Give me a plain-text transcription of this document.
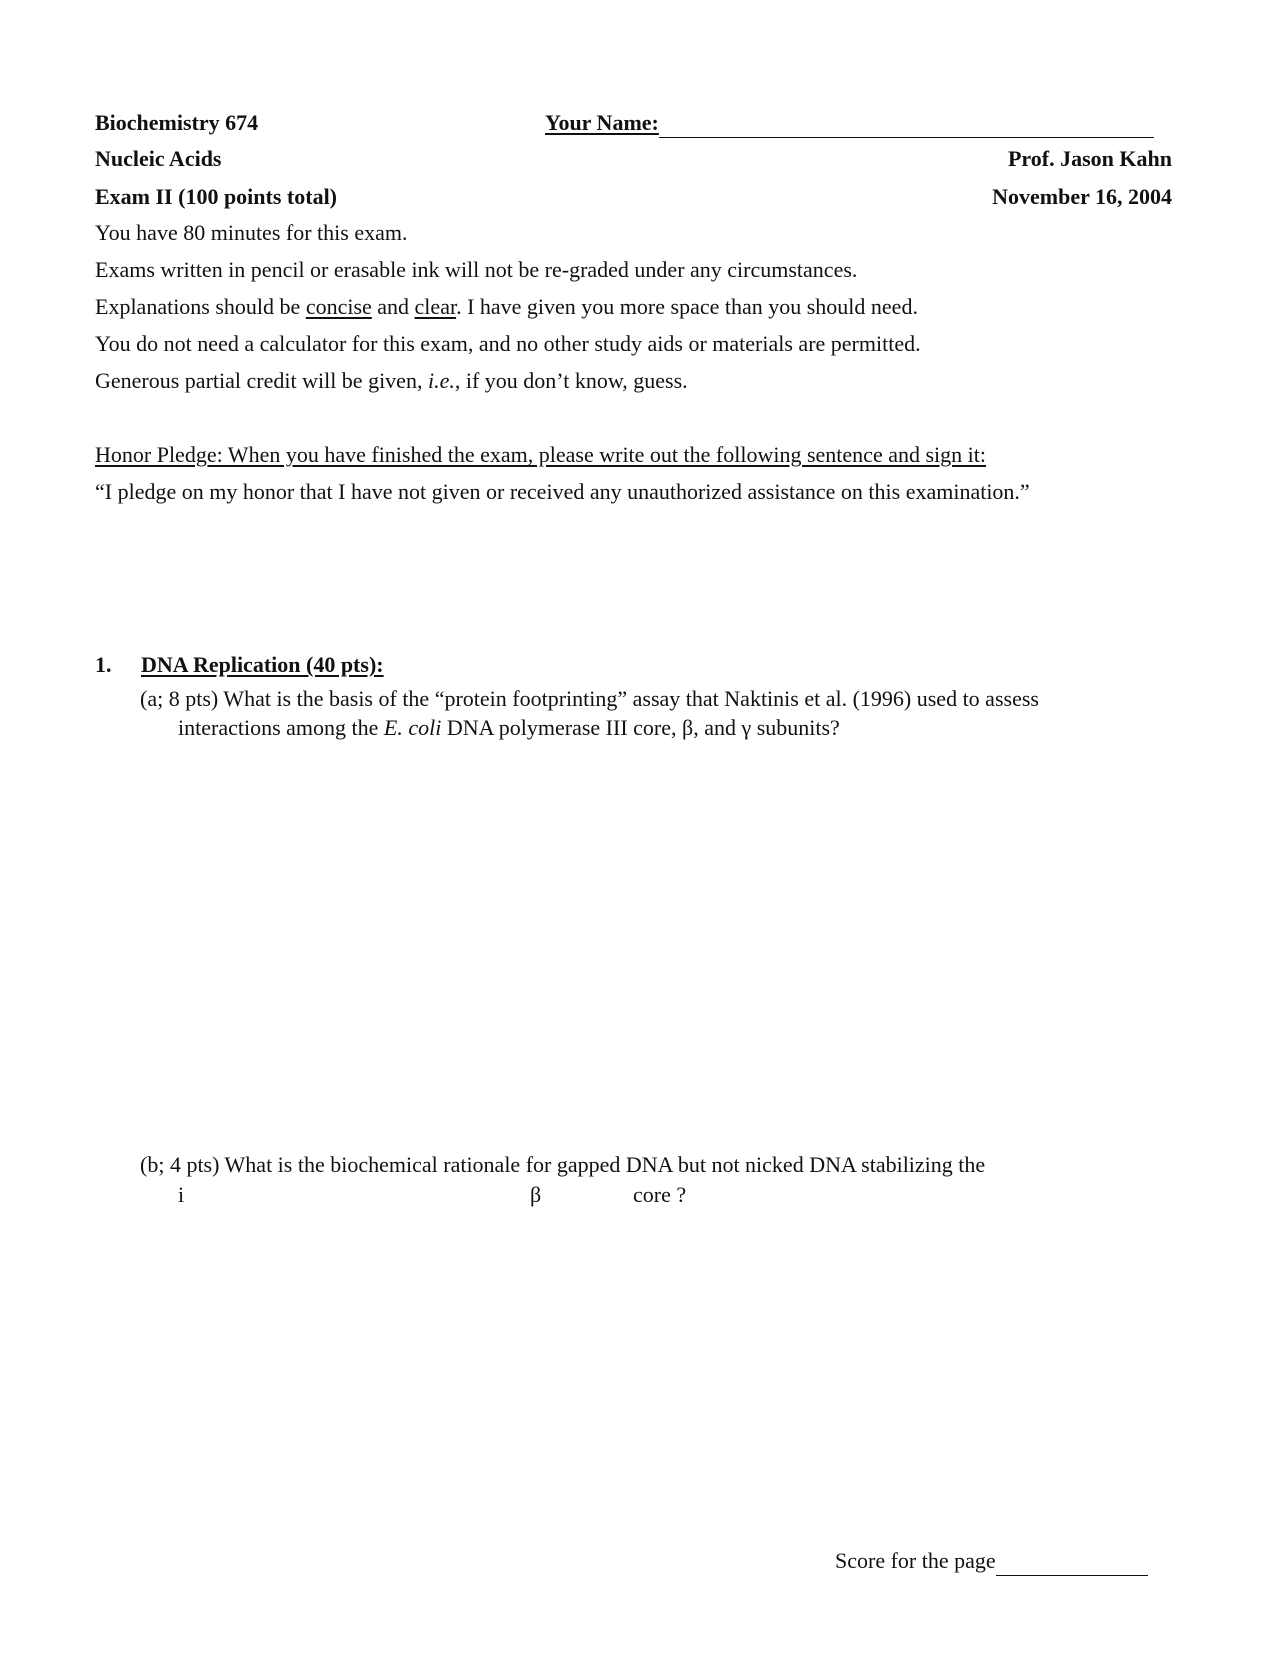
Biochemistry 674	Your Name:
Nucleic Acids	Prof. Jason Kahn
Exam II (100 points total)	November 16, 2004
You have 80 minutes for this exam.
Exams written in pencil or erasable ink will not be re-graded under any circumstances.
Explanations should be concise and clear. I have given you more space than you should need.
You do not need a calculator for this exam, and no other study aids or materials are permitted.
Generous partial credit will be given, i.e., if you don’t know, guess.
Honor Pledge: When you have finished the exam, please write out the following sentence and sign it:
“I pledge on my honor that I have not given or received any unauthorized assistance on this examination.”
1. DNA Replication (40 pts):
(a; 8 pts) What is the basis of the “protein footprinting” assay that Naktinis et al. (1996) used to assess
interactions among the E. coli DNA polymerase III core, β, and γ subunits?
(b; 4 pts) What is the biochemical rationale for gapped DNA but not nicked DNA stabilizing the
i	β	core ?
Score for the page
